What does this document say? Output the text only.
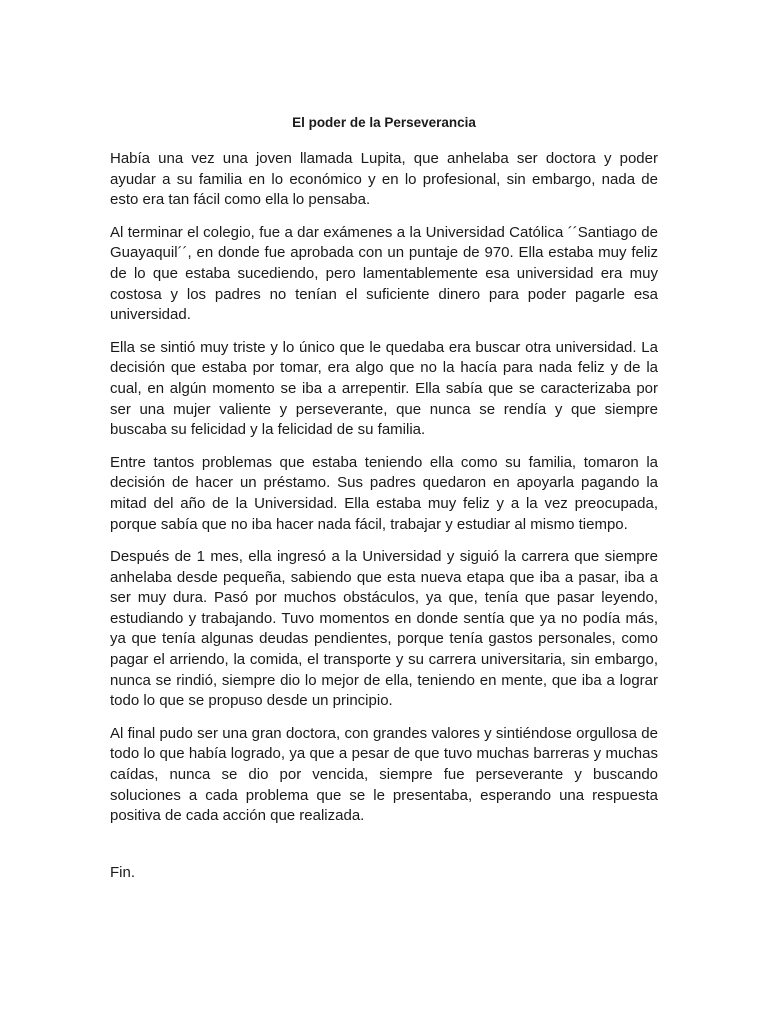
El poder de la Perseverancia

Había una vez una joven llamada Lupita, que anhelaba ser doctora y poder ayudar a su familia en lo económico y en lo profesional, sin embargo, nada de esto era tan fácil como ella lo pensaba.

Al terminar el colegio, fue a dar exámenes a la Universidad Católica ´´Santiago de Guayaquil´´, en donde fue aprobada con un puntaje de 970. Ella estaba muy feliz de lo que estaba sucediendo, pero lamentablemente esa universidad era muy costosa y los padres no tenían el suficiente dinero para poder pagarle esa universidad.

Ella se sintió muy triste y lo único que le quedaba era buscar otra universidad. La decisión que estaba por tomar, era algo que no la hacía para nada feliz y de la cual, en algún momento se iba a arrepentir. Ella sabía que se caracterizaba por ser una mujer valiente y perseverante, que nunca se rendía y que siempre buscaba su felicidad y la felicidad de su familia.

Entre tantos problemas que estaba teniendo ella como su familia, tomaron la decisión de hacer un préstamo. Sus padres quedaron en apoyarla pagando la mitad del año de la Universidad. Ella estaba muy feliz y a la vez preocupada, porque sabía que no iba hacer nada fácil, trabajar y estudiar al mismo tiempo.

Después de 1 mes, ella ingresó a la Universidad y siguió la carrera que siempre anhelaba desde pequeña, sabiendo que esta nueva etapa que iba a pasar, iba a ser muy dura. Pasó por muchos obstáculos, ya que, tenía que pasar leyendo, estudiando y trabajando. Tuvo momentos en donde sentía que ya no podía más, ya que tenía algunas deudas pendientes, porque tenía gastos personales, como pagar el arriendo, la comida, el transporte y su carrera universitaria, sin embargo, nunca se rindió, siempre dio lo mejor de ella, teniendo en mente, que iba a lograr todo lo que se propuso desde un principio.

Al final pudo ser una gran doctora, con grandes valores y sintiéndose orgullosa de todo lo que había logrado, ya que a pesar de que tuvo muchas barreras y muchas caídas, nunca se dio por vencida, siempre fue perseverante y buscando soluciones a cada problema que se le presentaba, esperando una respuesta positiva de cada acción que realizada.

Fin.
